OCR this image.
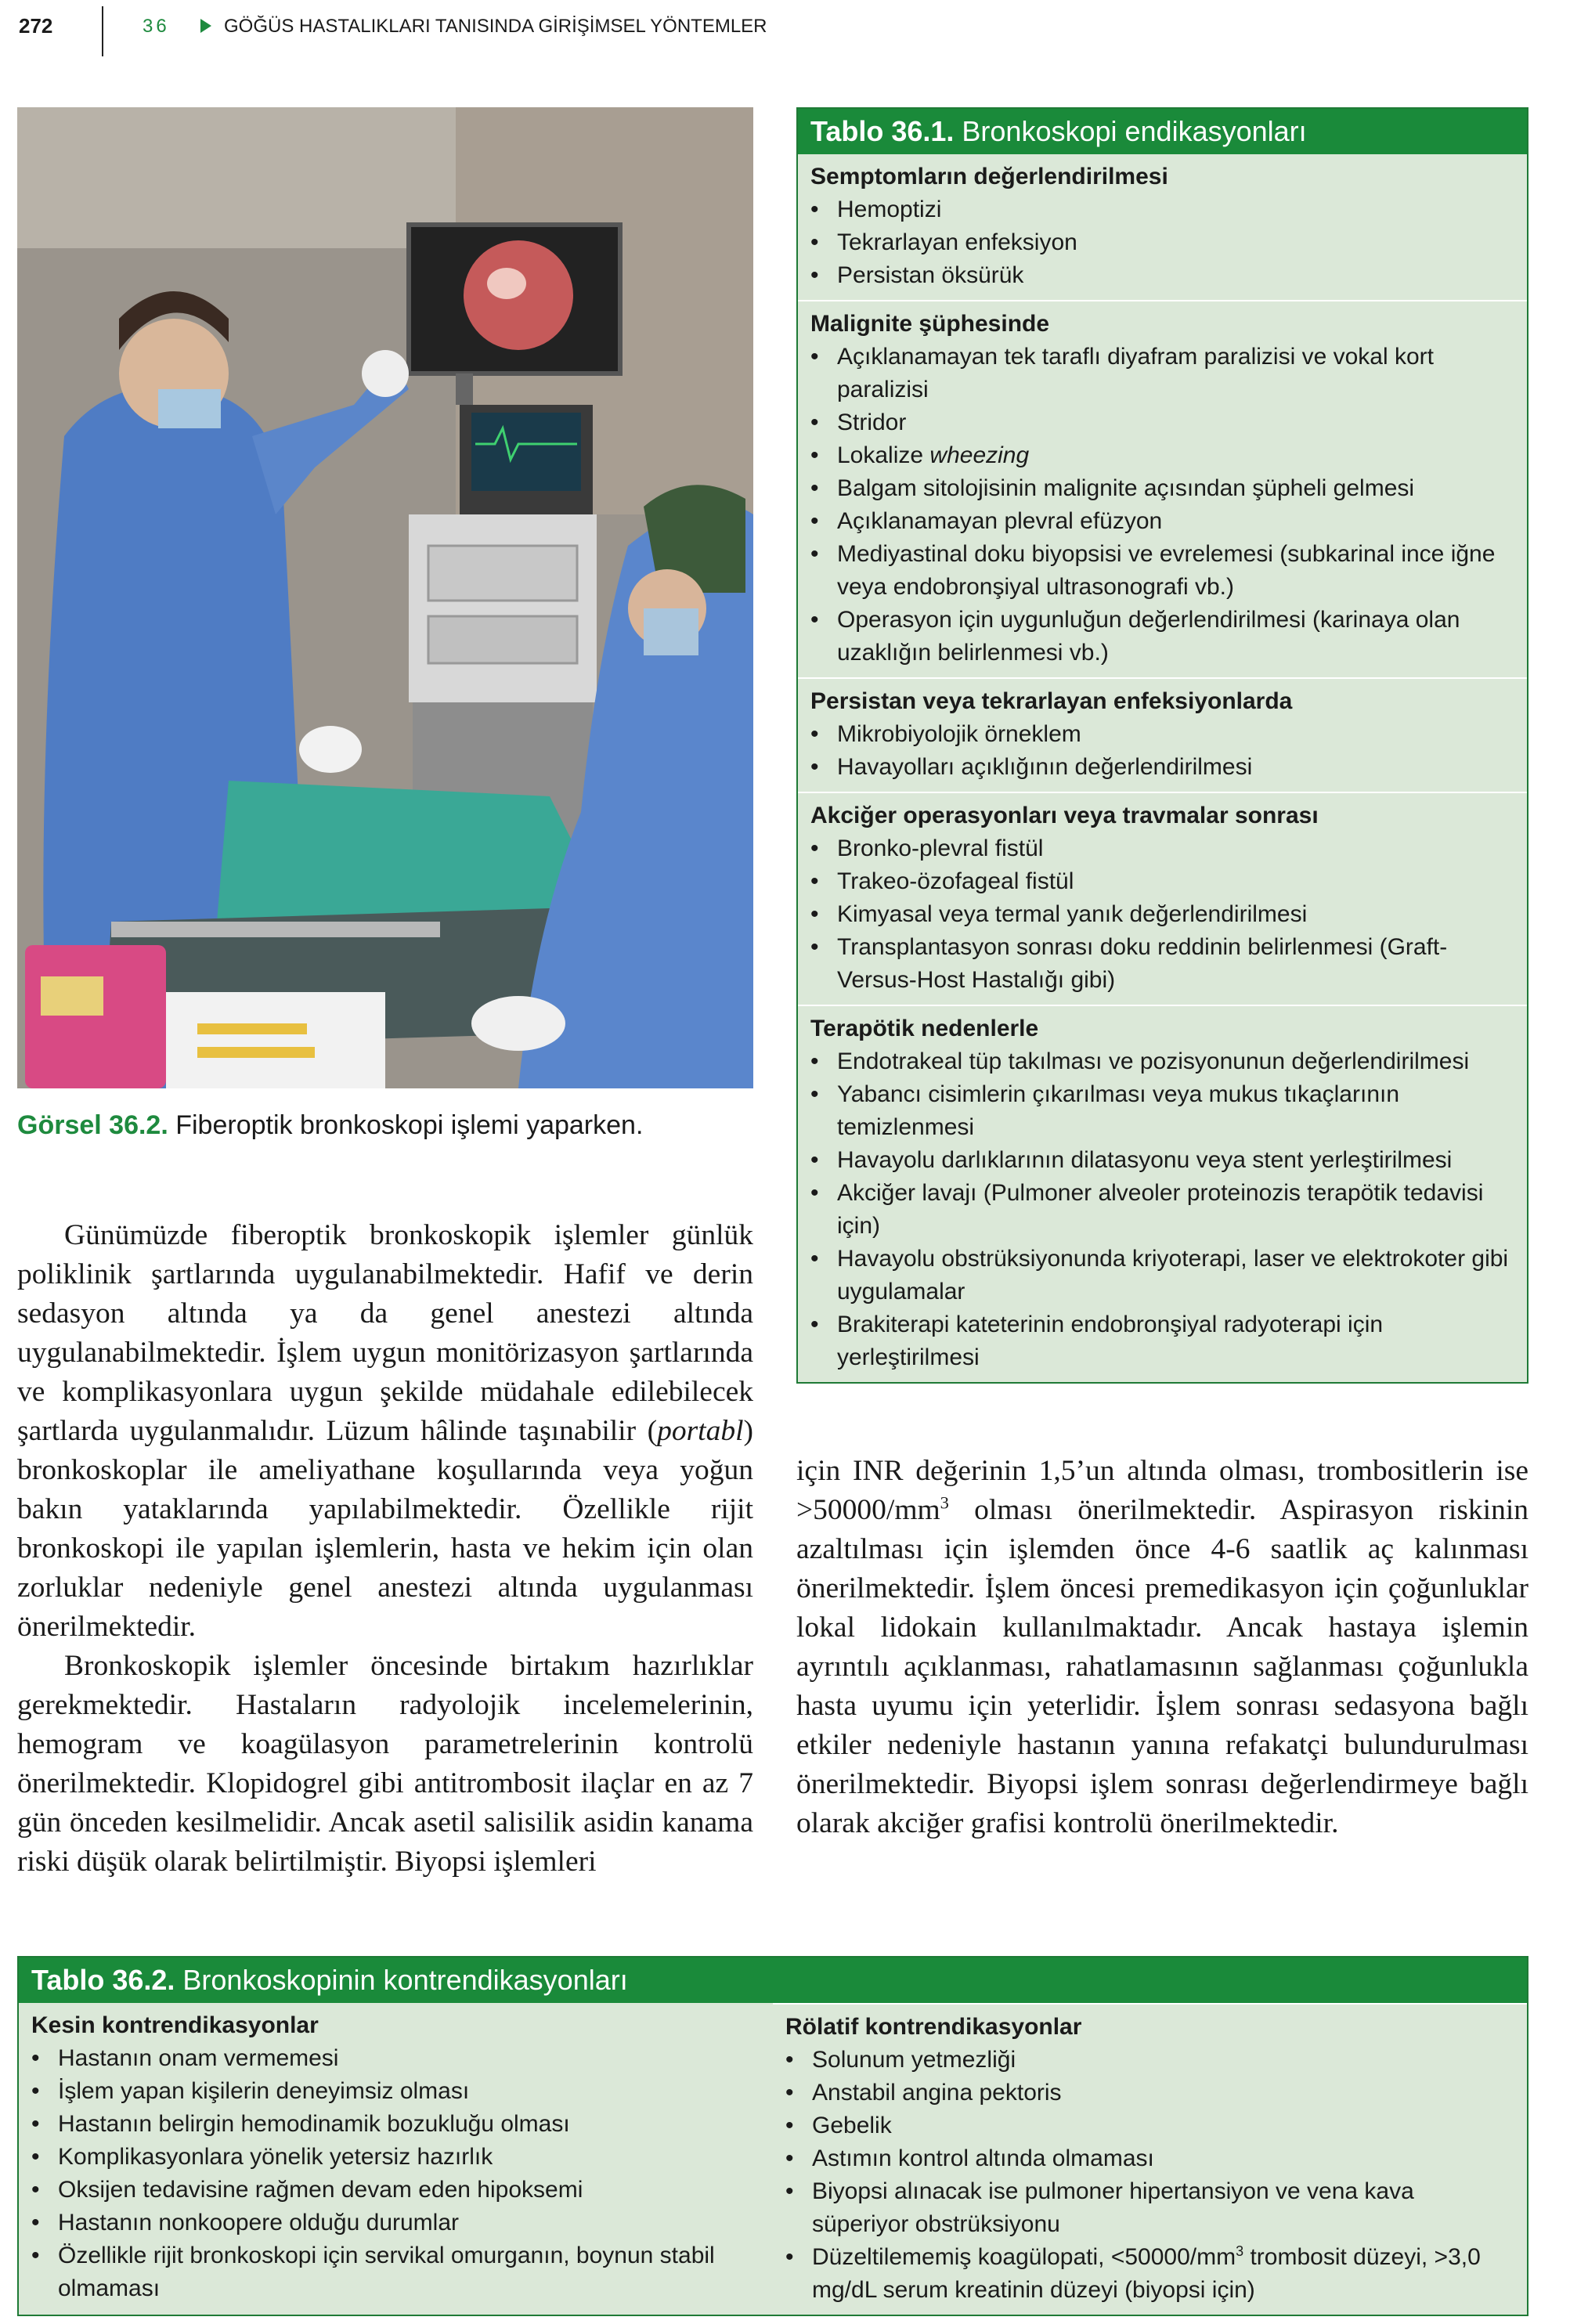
272	36	GÖĞÜS HASTALIKLARI TANISINDA GİRİŞİMSEL YÖNTEMLER
Görsel 36.2. Fiberoptik bronkoskopi işlemi yaparken.

Günümüzde fiberoptik bronkoskopik işlemler günlük poliklinik şartlarında uygulanabilmektedir. Hafif ve derin sedasyon altında ya da genel anestezi altında uygulanabilmektedir. İşlem uygun monitörizasyon şartlarında ve komplikasyonlara uygun şekilde müdahale edilebilecek şartlarda uygulanmalıdır. Lüzum hâlinde taşınabilir (portabl) bronkoskoplar ile ameliyathane koşullarında veya yoğun bakın yataklarında yapılabilmektedir. Özellikle rijit bronkoskopi ile yapılan işlemlerin, hasta ve hekim için olan zorluklar nedeniyle genel anestezi altında uygulanması önerilmektedir.

Bronkoskopik işlemler öncesinde birtakım hazırlıklar gerekmektedir. Hastaların radyolojik incelemelerinin, hemogram ve koagülasyon parametrelerinin kontrolü önerilmektedir. Klopidogrel gibi antitrombosit ilaçlar en az 7 gün önceden kesilmelidir. Ancak asetil salisilik asidin kanama riski düşük olarak belirtilmiştir. Biyopsi işlemleri

için INR değerinin 1,5’un altında olması, trombositlerin ise $>50000/mm^3$ olması önerilmektedir. Aspirasyon riskinin azaltılması için işlemden önce 4-6 saatlik aç kalınması önerilmektedir. İşlem öncesi premedikasyon için çoğunluklar lokal lidokain kullanılmaktadır. Ancak hastaya işlemin ayrıntılı açıklanması, rahatlamasının sağlanması çoğunlukla hasta uyumu için yeterlidir. İşlem sonrası sedasyona bağlı etkiler nedeniyle hastanın yanına refakatçi bulundurulması önerilmektedir. Biyopsi işlem sonrası değerlendirmeye bağlı olarak akciğer grafisi kontrolü önerilmektedir.

Tablo 36.1. Bronkoskopi endikasyonları
Semptomların değerlendirilmesi
• Hemoptizi
• Tekrarlayan enfeksiyon
• Persistan öksürük
Malignite şüphesinde
• Açıklanamayan tek taraflı diyafram paralizisi ve vokal kort paralizisi
• Stridor
• Lokalize wheezing
• Balgam sitolojisinin malignite açısından şüpheli gelmesi
• Açıklanamayan plevral efüzyon
• Mediyastinal doku biyopsisi ve evrelemesi (subkarinal ince iğne veya endobronşiyal ultrasonografi vb.)
• Operasyon için uygunluğun değerlendirilmesi (karinaya olan uzaklığın belirlenmesi vb.)
Persistan veya tekrarlayan enfeksiyonlarda
• Mikrobiyolojik örneklem
• Havayolları açıklığının değerlendirilmesi
Akciğer operasyonları veya travmalar sonrası
• Bronko-plevral fistül
• Trakeo-özofageal fistül
• Kimyasal veya termal yanık değerlendirilmesi
• Transplantasyon sonrası doku reddinin belirlenmesi (Graft-Versus-Host Hastalığı gibi)
Terapötik nedenlerle
• Endotrakeal tüp takılması ve pozisyonunun değerlendirilmesi
• Yabancı cisimlerin çıkarılması veya mukus tıkaçlarının temizlenmesi
• Havayolu darlıklarının dilatasyonu veya stent yerleştirilmesi
• Akciğer lavajı (Pulmoner alveoler proteinozis terapötik tedavisi için)
• Havayolu obstrüksiyonunda kriyoterapi, laser ve elektrokoter gibi uygulamalar
• Brakiterapi kateterinin endobronşiyal radyoterapi için yerleştirilmesi
Tablo 36.2. Bronkoskopinin kontrendikasyonları
Kesin kontrendikasyonlar
• Hastanın onam vermemesi
• İşlem yapan kişilerin deneyimsiz olması
• Hastanın belirgin hemodinamik bozukluğu olması
• Komplikasyonlara yönelik yetersiz hazırlık
• Oksijen tedavisine rağmen devam eden hipoksemi
• Hastanın nonkoopere olduğu durumlar
• Özellikle rijit bronkoskopi için servikal omurganın, boynun stabil olmaması
Rölatif kontrendikasyonlar
• Solunum yetmezliği
• Anstabil angina pektoris
• Gebelik
• Astımın kontrol altında olmaması
• Biyopsi alınacak ise pulmoner hipertansiyon ve vena kava süperiyor obstrüksiyonu
• Düzeltilememiş koagülopati, $<50000/mm^3$ trombosit düzeyi, >3,0 mg/dL serum kreatinin düzeyi (biyopsi için)
